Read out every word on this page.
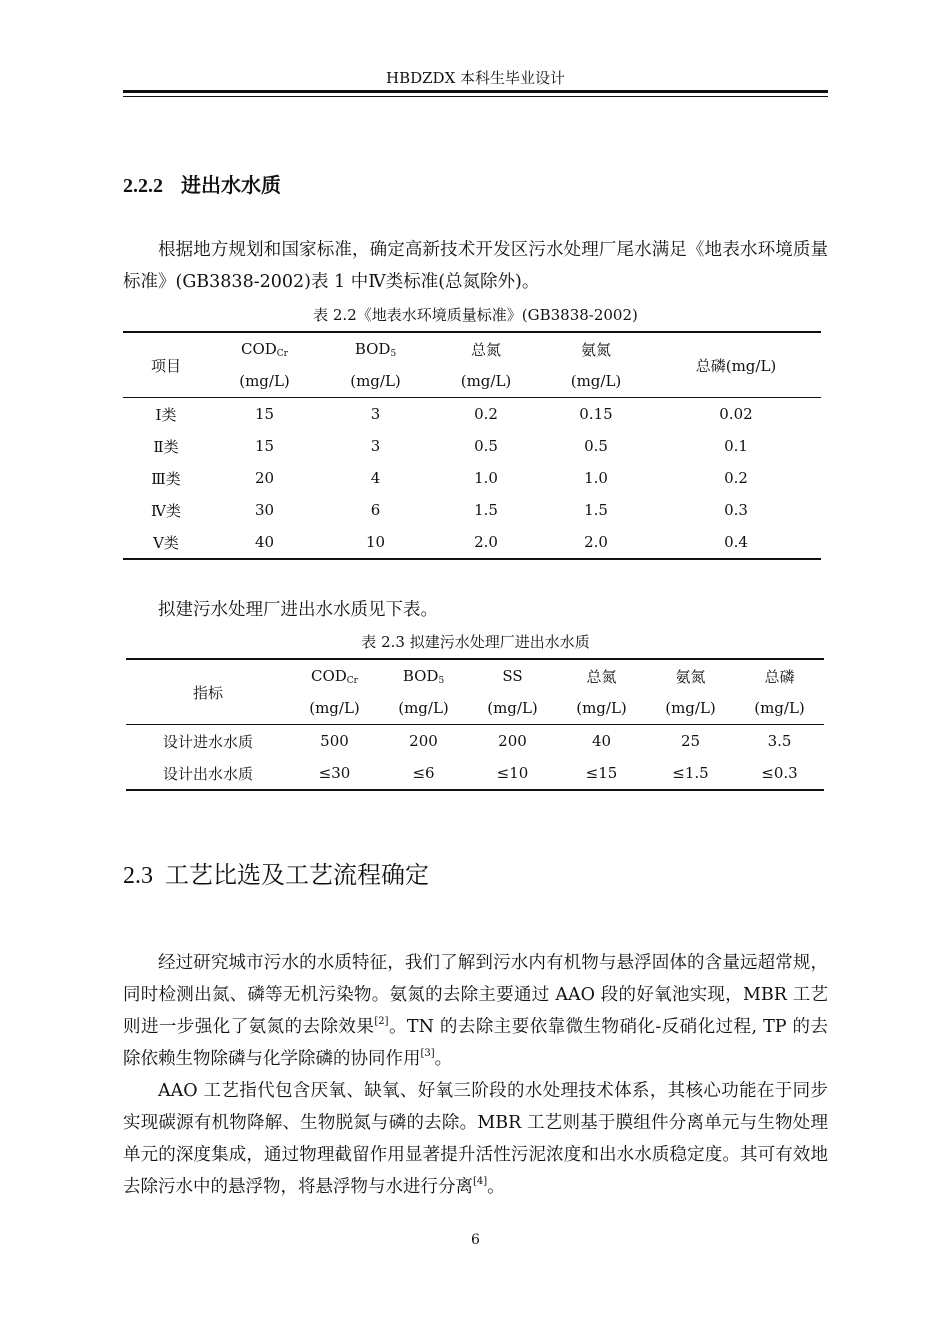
HBDZDX 本科生毕业设计
2.2.2 进出水水质

根据地方规划和国家标准，确定高新技术开发区污水处理厂尾水满足《地表水环境质量标准》(GB3838-2002)表 1 中Ⅳ类标准(总氮除外)。

表 2.2《地表水环境质量标准》(GB3838-2002)
项目	$COD_{Cr}$	$BOD_5$	总氮	氨氮	总磷(mg/L)
	(mg/L)	(mg/L)	(mg/L)	(mg/L)	
Ⅰ类	15	3	0.2	0.15	0.02
Ⅱ类	15	3	0.5	0.5	0.1
Ⅲ类	20	4	1.0	1.0	0.2
Ⅳ类	30	6	1.5	1.5	0.3
Ⅴ类	40	10	2.0	2.0	0.4

拟建污水处理厂进出水水质见下表。

表 2.3 拟建污水处理厂进出水水质
指标	$COD_{Cr}$	$BOD_5$	SS	总氮	氨氮	总磷
	(mg/L)	(mg/L)	(mg/L)	(mg/L)	(mg/L)	(mg/L)
设计进水水质	500	200	200	40	25	3.5
设计出水水质	≤30	≤6	≤10	≤15	≤1.5	≤0.3
2.3 工艺比选及工艺流程确定

经过研究城市污水的水质特征，我们了解到污水内有机物与悬浮固体的含量远超常规，同时检测出氮、磷等无机污染物。氨氮的去除主要通过 AAO 段的好氧池实现，MBR 工艺则进一步强化了氨氮的去除效果[2]。TN 的去除主要依靠微生物硝化-反硝化过程, TP 的去除依赖生物除磷与化学除磷的协同作用[3]。

AAO 工艺指代包含厌氧、缺氧、好氧三阶段的水处理技术体系，其核心功能在于同步实现碳源有机物降解、生物脱氮与磷的去除。MBR 工艺则基于膜组件分离单元与生物处理单元的深度集成，通过物理截留作用显著提升活性污泥浓度和出水水质稳定度。其可有效地去除污水中的悬浮物，将悬浮物与水进行分离[4]。

6
